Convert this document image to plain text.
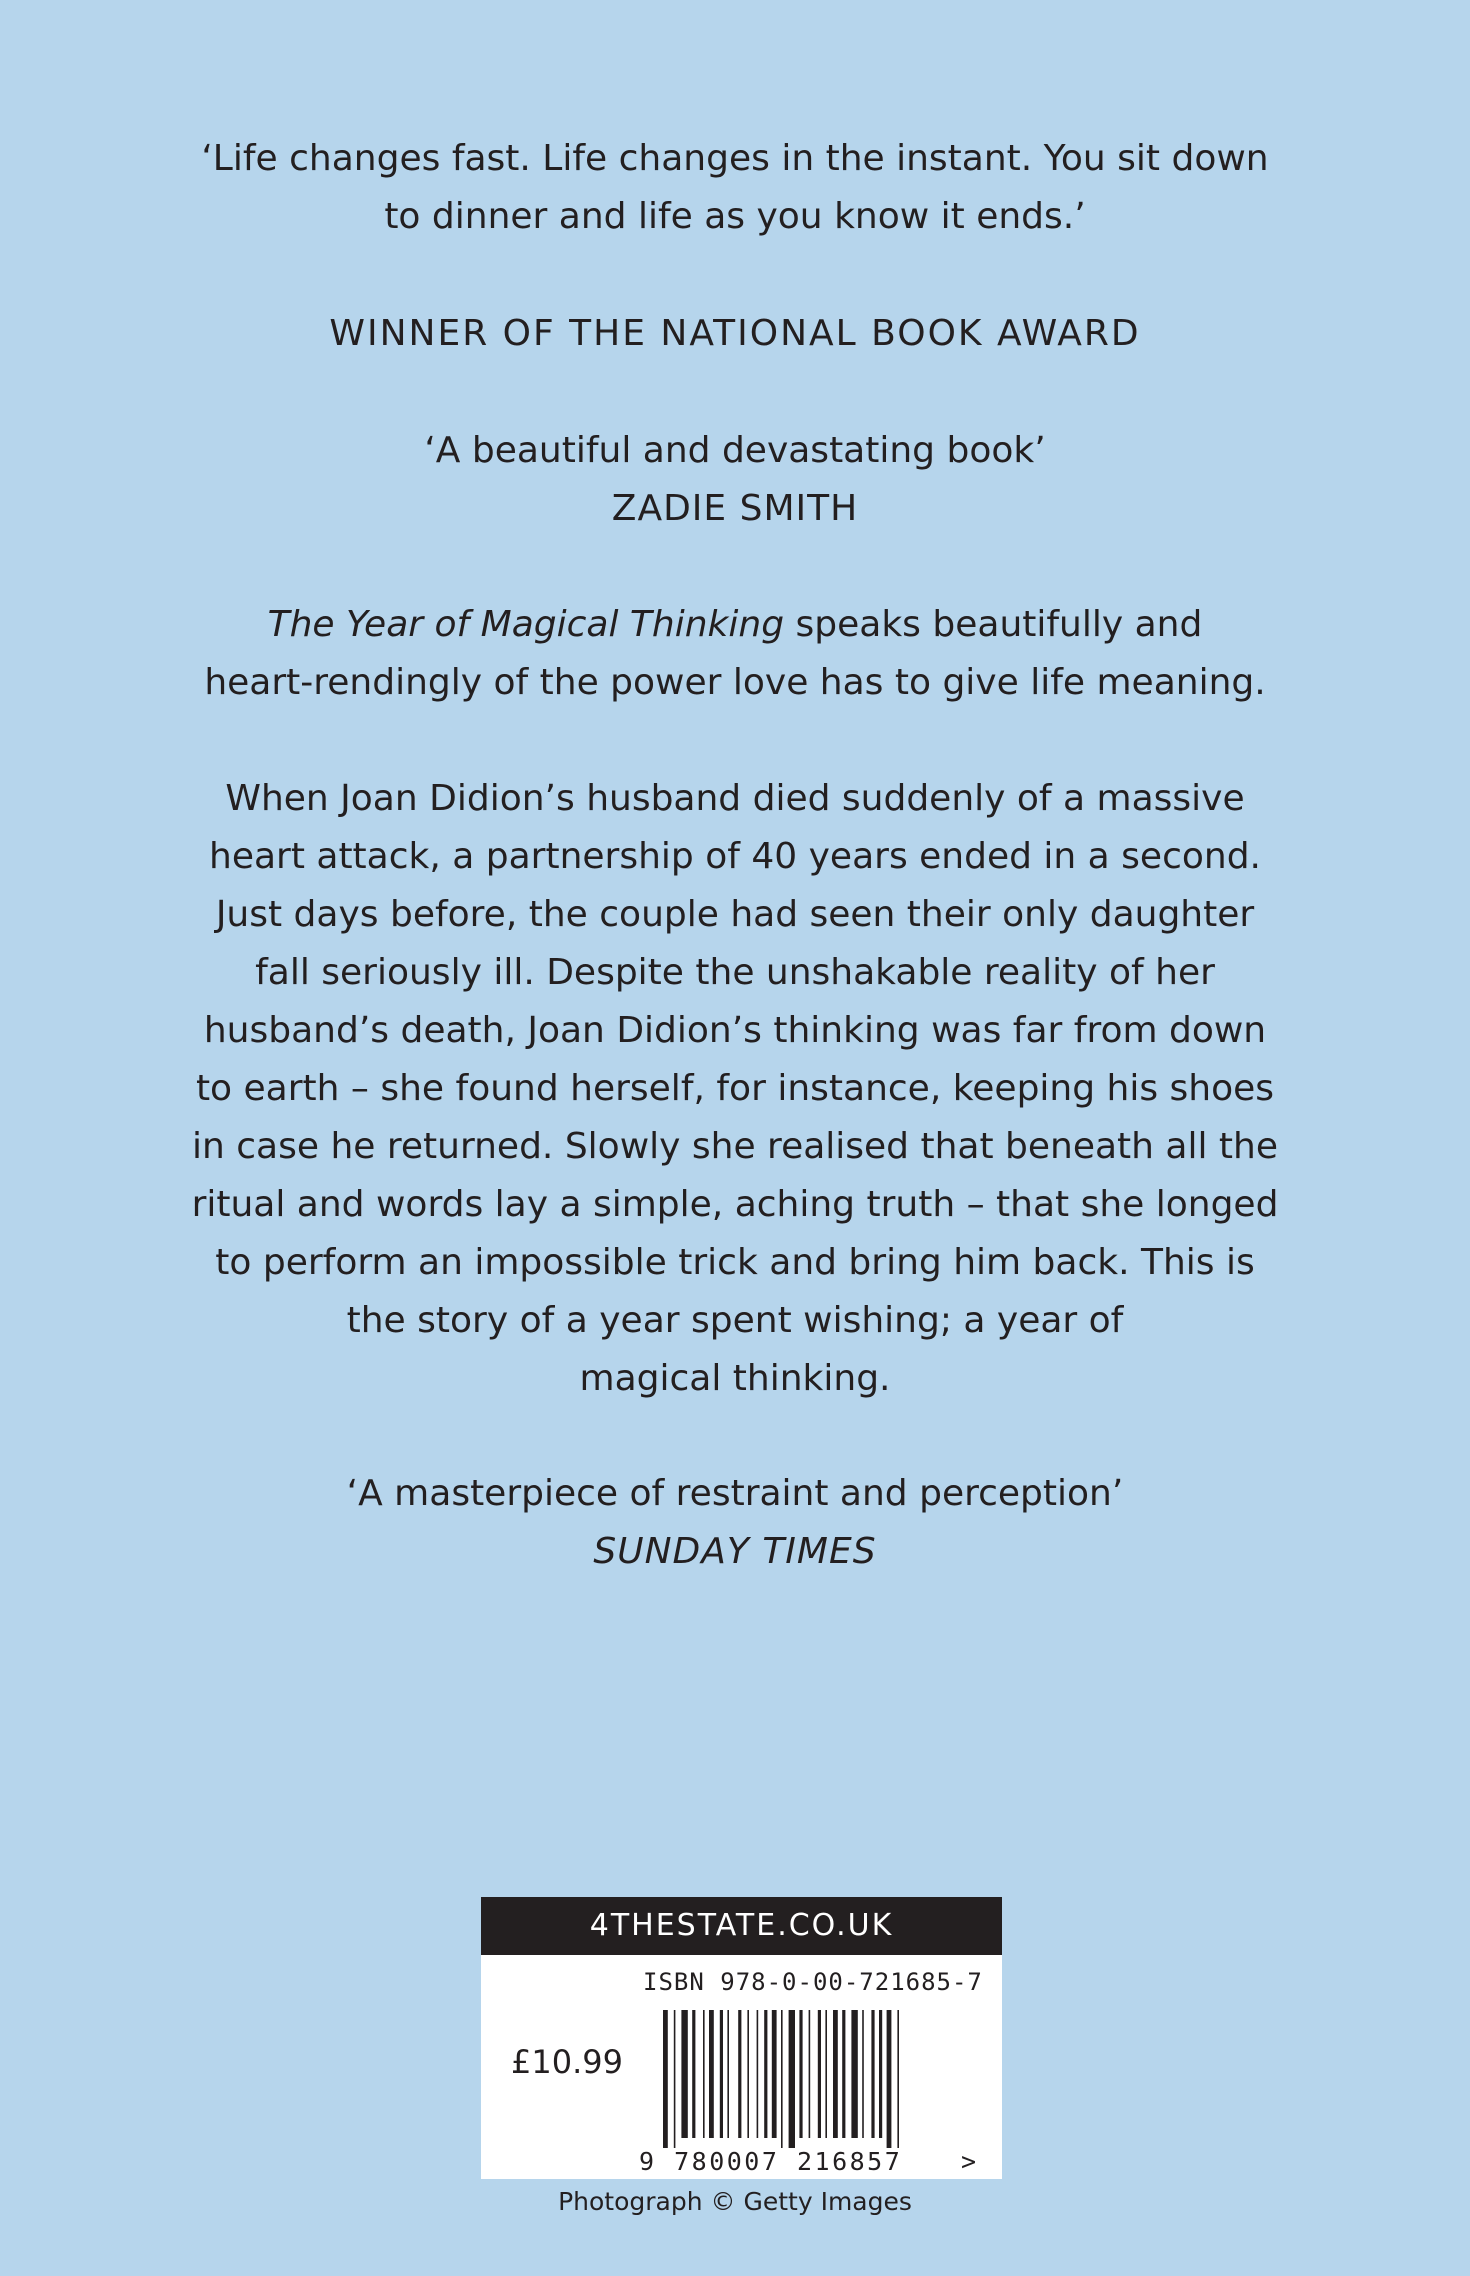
‘Life changes fast. Life changes in the instant. You sit down
to dinner and life as you know it ends.’
WINNER OF THE NATIONAL BOOK AWARD
‘A beautiful and devastating book’
ZADIE SMITH
The Year of Magical Thinking speaks beautifully and
heart-rendingly of the power love has to give life meaning.
When Joan Didion’s husband died suddenly of a massive
heart attack, a partnership of 40 years ended in a second.
Just days before, the couple had seen their only daughter
fall seriously ill. Despite the unshakable reality of her
husband’s death, Joan Didion’s thinking was far from down
to earth – she found herself, for instance, keeping his shoes
in case he returned. Slowly she realised that beneath all the
ritual and words lay a simple, aching truth – that she longed
to perform an impossible trick and bring him back. This is
the story of a year spent wishing; a year of
magical thinking.
‘A masterpiece of restraint and perception’
SUNDAY TIMES
4THESTATE.CO.UK
ISBN 978-0-00-721685-7
£10.99
9 780007 216857 >
Photograph © Getty Images
